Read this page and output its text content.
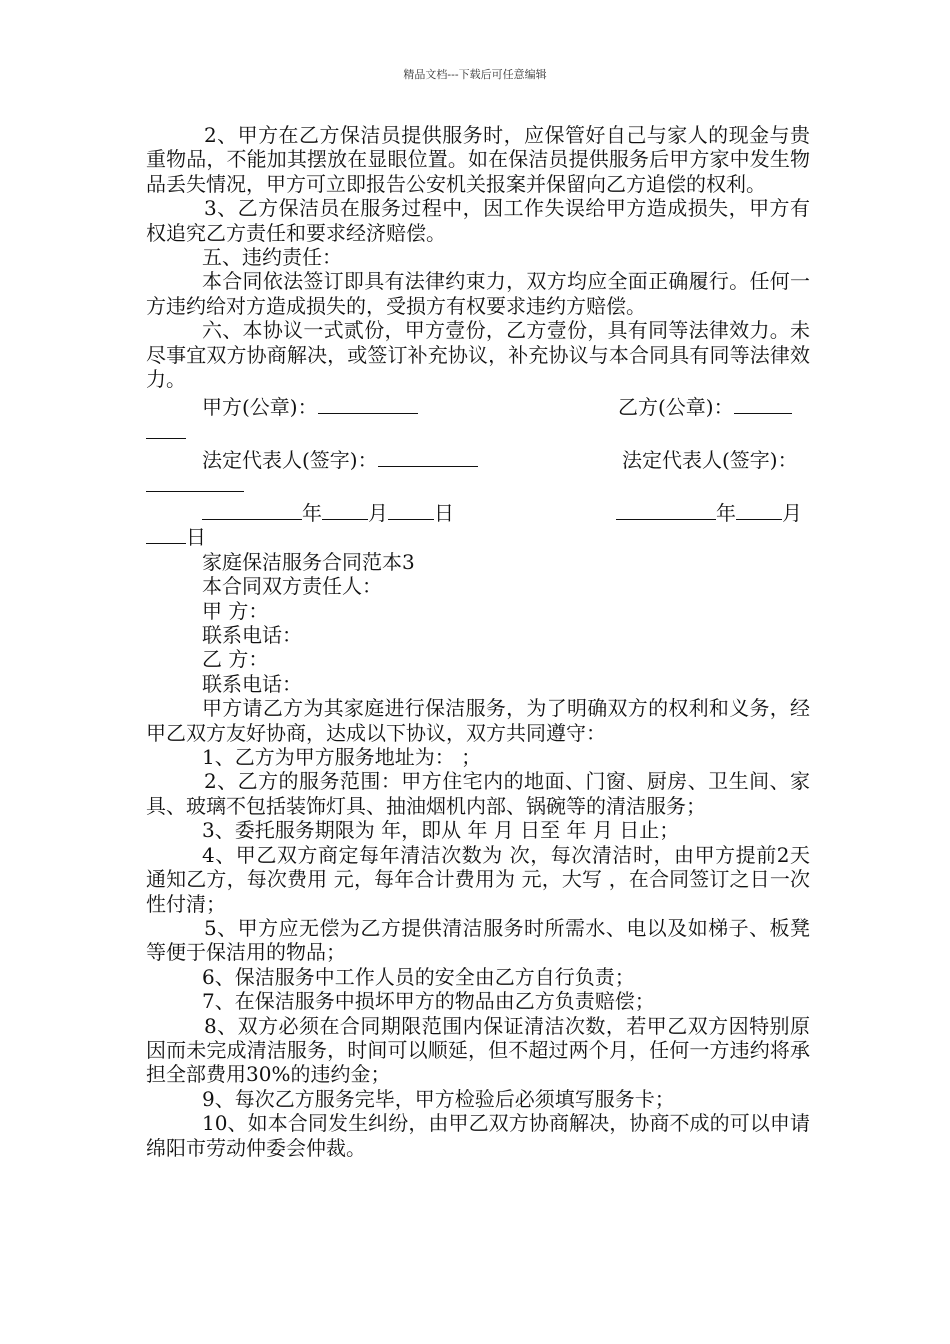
精品文档---下载后可任意编辑

2、甲方在乙方保洁员提供服务时，应保管好自己与家人的现金与贵重物品，不能加其摆放在显眼位置。如在保洁员提供服务后甲方家中发生物品丢失情况，甲方可立即报告公安机关报案并保留向乙方追偿的权利。

3、乙方保洁员在服务过程中，因工作失误给甲方造成损失，甲方有权追究乙方责任和要求经济赔偿。

五、违约责任：

本合同依法签订即具有法律约束力，双方均应全面正确履行。任何一方违约给对方造成损失的，受损方有权要求违约方赔偿。

六、本协议一式贰份，甲方壹份，乙方壹份，具有同等法律效力。未尽事宜双方协商解决，或签订补充协议，补充协议与本合同具有同等法律效力。

甲方(公章)：	乙方(公章)：
法定代表人(签字)：	法定代表人(签字)：
年 月 日	年 月
日

家庭保洁服务合同范本3

本合同双方责任人：

甲 方：

联系电话：

乙 方：

联系电话：

甲方请乙方为其家庭进行保洁服务，为了明确双方的权利和义务，经甲乙双方友好协商，达成以下协议，双方共同遵守：

1、乙方为甲方服务地址为： ；

2、乙方的服务范围：甲方住宅内的地面、门窗、厨房、卫生间、家具、玻璃不包括装饰灯具、抽油烟机内部、锅碗等的清洁服务；

3、委托服务期限为 年，即从 年 月 日至 年 月 日止；

4、甲乙双方商定每年清洁次数为 次，每次清洁时，由甲方提前2天通知乙方，每次费用 元，每年合计费用为 元，大写 ，在合同签订之日一次性付清；

5、甲方应无偿为乙方提供清洁服务时所需水、电以及如梯子、板凳等便于保洁用的物品；

6、保洁服务中工作人员的安全由乙方自行负责；

7、在保洁服务中损坏甲方的物品由乙方负责赔偿；

8、双方必须在合同期限范围内保证清洁次数，若甲乙双方因特别原因而未完成清洁服务，时间可以顺延，但不超过两个月，任何一方违约将承担全部费用30%的违约金；

9、每次乙方服务完毕，甲方检验后必须填写服务卡；

10、如本合同发生纠纷，由甲乙双方协商解决，协商不成的可以申请绵阳市劳动仲委会仲裁。
